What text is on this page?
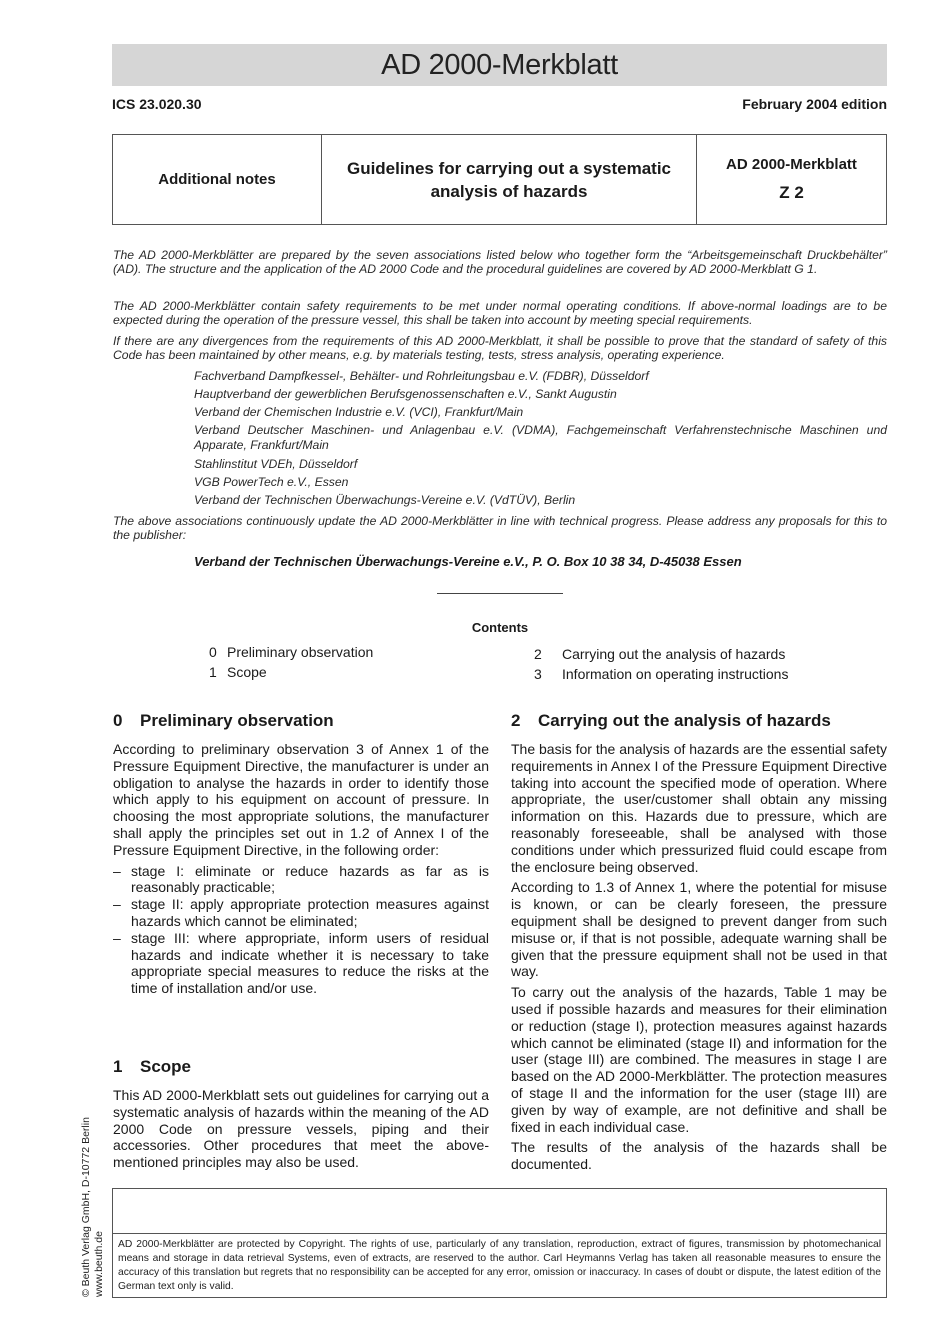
AD 2000-Merkblatt
ICS 23.020.30	February 2004 edition
Additional notes
Guidelines for carrying out a systematic analysis of hazards
AD 2000-Merkblatt
Z 2
The AD 2000-Merkblätter are prepared by the seven associations listed below who together form the “Arbeitsgemeinschaft Druckbehälter” (AD). The structure and the application of the AD 2000 Code and the procedural guidelines are covered by AD 2000-Merkblatt G 1.
The AD 2000-Merkblätter contain safety requirements to be met under normal operating conditions. If above-normal loadings are to be expected during the operation of the pressure vessel, this shall be taken into account by meeting special requirements.
If there are any divergences from the requirements of this AD 2000-Merkblatt, it shall be possible to prove that the standard of safety of this Code has been maintained by other means, e.g. by materials testing, tests, stress analysis, operating experience.
Fachverband Dampfkessel-, Behälter- und Rohrleitungsbau e.V. (FDBR), Düsseldorf
Hauptverband der gewerblichen Berufsgenossenschaften e.V., Sankt Augustin
Verband der Chemischen Industrie e.V. (VCI), Frankfurt/Main
Verband Deutscher Maschinen- und Anlagenbau e.V. (VDMA), Fachgemeinschaft Verfahrenstechnische Maschinen und Apparate, Frankfurt/Main
Stahlinstitut VDEh, Düsseldorf
VGB PowerTech e.V., Essen
Verband der Technischen Überwachungs-Vereine e.V. (VdTÜV), Berlin
The above associations continuously update the AD 2000-Merkblätter in line with technical progress. Please address any proposals for this to the publisher:
Verband der Technischen Überwachungs-Vereine e.V., P. O. Box 10 38 34, D-45038 Essen
Contents
0 Preliminary observation
1 Scope
2 Carrying out the analysis of hazards
3 Information on operating instructions
0 Preliminary observation

According to preliminary observation 3 of Annex 1 of the Pressure Equipment Directive, the manufacturer is under an obligation to analyse the hazards in order to identify those which apply to his equipment on account of pressure. In choosing the most appropriate solutions, the manufacturer shall apply the principles set out in 1.2 of Annex I of the Pressure Equipment Directive, in the following order:

– stage I: eliminate or reduce hazards as far as is reasonably practicable;
– stage II: apply appropriate protection measures against hazards which cannot be eliminated;
– stage III: where appropriate, inform users of residual hazards and indicate whether it is necessary to take appropriate special measures to reduce the risks at the time of installation and/or use.
1 Scope

This AD 2000-Merkblatt sets out guidelines for carrying out a systematic analysis of hazards within the meaning of the AD 2000 Code on pressure vessels, piping and their accessories. Other procedures that meet the above-mentioned principles may also be used.

2 Carrying out the analysis of hazards

The basis for the analysis of hazards are the essential safety requirements in Annex I of the Pressure Equipment Directive taking into account the specified mode of operation. Where appropriate, the user/customer shall obtain any missing information on this. Hazards due to pressure, which are reasonably foreseeable, shall be analysed with those conditions under which pressurized fluid could escape from the enclosure being observed.

According to 1.3 of Annex 1, where the potential for misuse is known, or can be clearly foreseen, the pressure equipment shall be designed to prevent danger from such misuse or, if that is not possible, adequate warning shall be given that the pressure equipment shall not be used in that way.

To carry out the analysis of the hazards, Table 1 may be used if possible hazards and measures for their elimination or reduction (stage I), protection measures against hazards which cannot be eliminated (stage II) and information for the user (stage III) are combined. The measures in stage I are based on the AD 2000-Merkblätter. The protection measures of stage II and the information for the user (stage III) are given by way of example, are not definitive and shall be fixed in each individual case.

The results of the analysis of the hazards shall be documented.

AD 2000-Merkblätter are protected by Copyright. The rights of use, particularly of any translation, reproduction, extract of figures, transmission by photomechanical means and storage in data retrieval Systems, even of extracts, are reserved to the author. Carl Heymanns Verlag has taken all reasonable measures to ensure the accuracy of this translation but regrets that no responsibility can be accepted for any error, omission or inaccuracy. In cases of doubt or dispute, the latest edition of the German text only is valid.
© Beuth Verlag GmbH, D-10772 Berlin www.beuth.de
